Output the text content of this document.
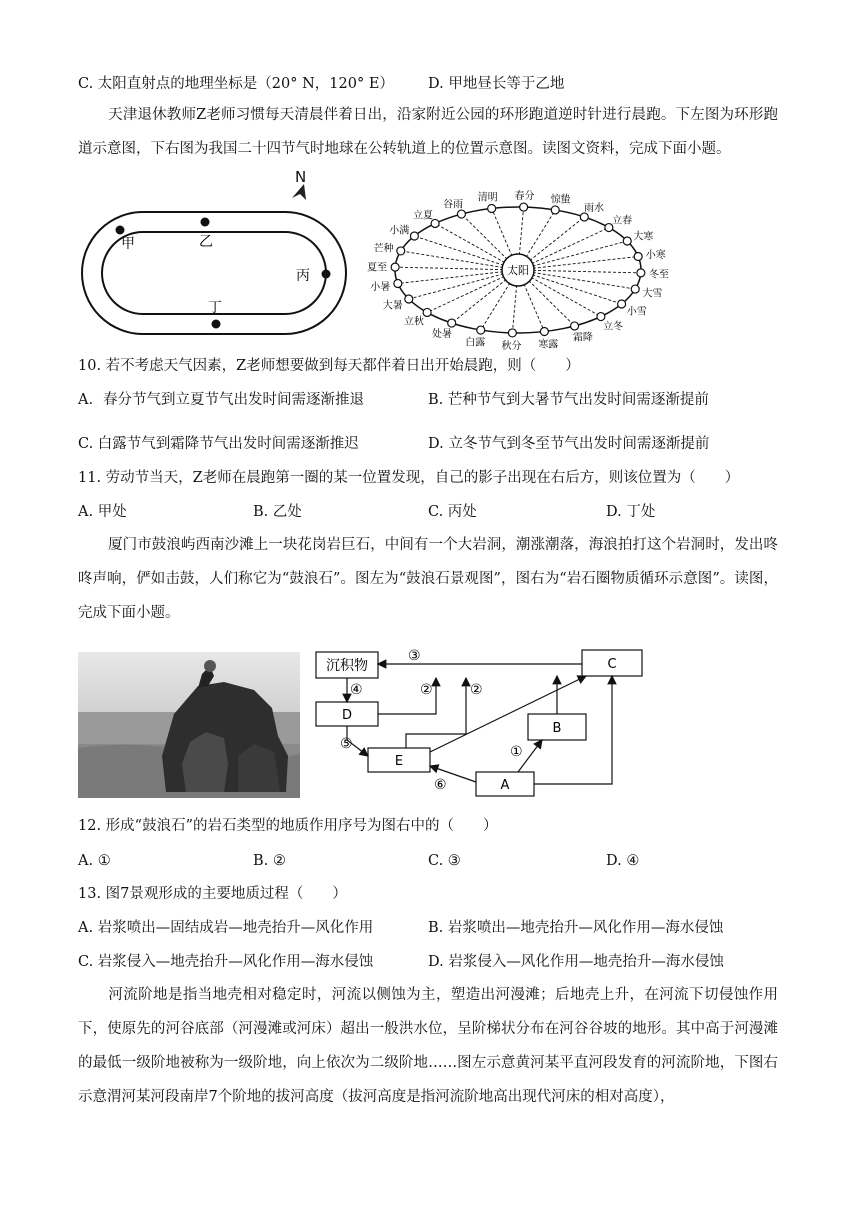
C. 太阳直射点的地理坐标是（20° N，120° E） D. 甲地昼长等于乙地
天津退休教师Z老师习惯每天清晨伴着日出，沿家附近公园的环形跑道逆时针进行晨跑。下左图为环形跑道示意图，下右图为我国二十四节气时地球在公转轨道上的位置示意图。读图文资料，完成下面小题。
N
甲	乙
丙
丁
太阳
春分 惊蛰
雨水
立春
大寒
小寒
冬至
大雪
小雪
立冬
霜降
寒露
秋分
白露
处暑
立秋
大暑
小暑
夏至
芒种
小满
立夏
谷雨
清明
10. 若不考虑天气因素，Z老师想要做到每天都伴着日出开始晨跑，则（　　）
A．春分节气到立夏节气出发时间需逐渐推退	B. 芒种节气到大暑节气出发时间需逐渐提前
C. 白露节气到霜降节气出发时间需逐渐推迟	D. 立冬节气到冬至节气出发时间需逐渐提前
11. 劳动节当天，Z老师在晨跑第一圈的某一位置发现，自己的影子出现在右后方，则该位置为（　　）
A. 甲处	B. 乙处	C. 丙处	D. 丁处
厦门市鼓浪屿西南沙滩上一块花岗岩巨石，中间有一个大岩洞，潮涨潮落，海浪拍打这个岩洞时，发出咚咚声响，俨如击鼓，人们称它为“鼓浪石”。图左为“鼓浪石景观图”，图右为“岩石圈物质循环示意图”。读图，完成下面小题。
沉积物	C
D
B
E
A
③
④	②	②
⑤
⑥
①
12. 形成“鼓浪石”的岩石类型的地质作用序号为图右中的（　　）
A. ①	B. ②	C. ③	D. ④
13. 图7景观形成的主要地质过程（　　）
A. 岩浆喷出—固结成岩—地壳抬升—风化作用	B. 岩浆喷出—地壳抬升—风化作用—海水侵蚀
C. 岩浆侵入—地壳抬升—风化作用—海水侵蚀	D. 岩浆侵入—风化作用—地壳抬升—海水侵蚀
河流阶地是指当地壳相对稳定时，河流以侧蚀为主，塑造出河漫滩；后地壳上升，在河流下切侵蚀作用下，使原先的河谷底部（河漫滩或河床）超出一般洪水位，呈阶梯状分布在河谷谷坡的地形。其中高于河漫滩的最低一级阶地被称为一级阶地，向上依次为二级阶地……图左示意黄河某平直河段发育的河流阶地，下图右示意渭河某河段南岸7个阶地的拔河高度（拔河高度是指河流阶地高出现代河床的相对高度），
